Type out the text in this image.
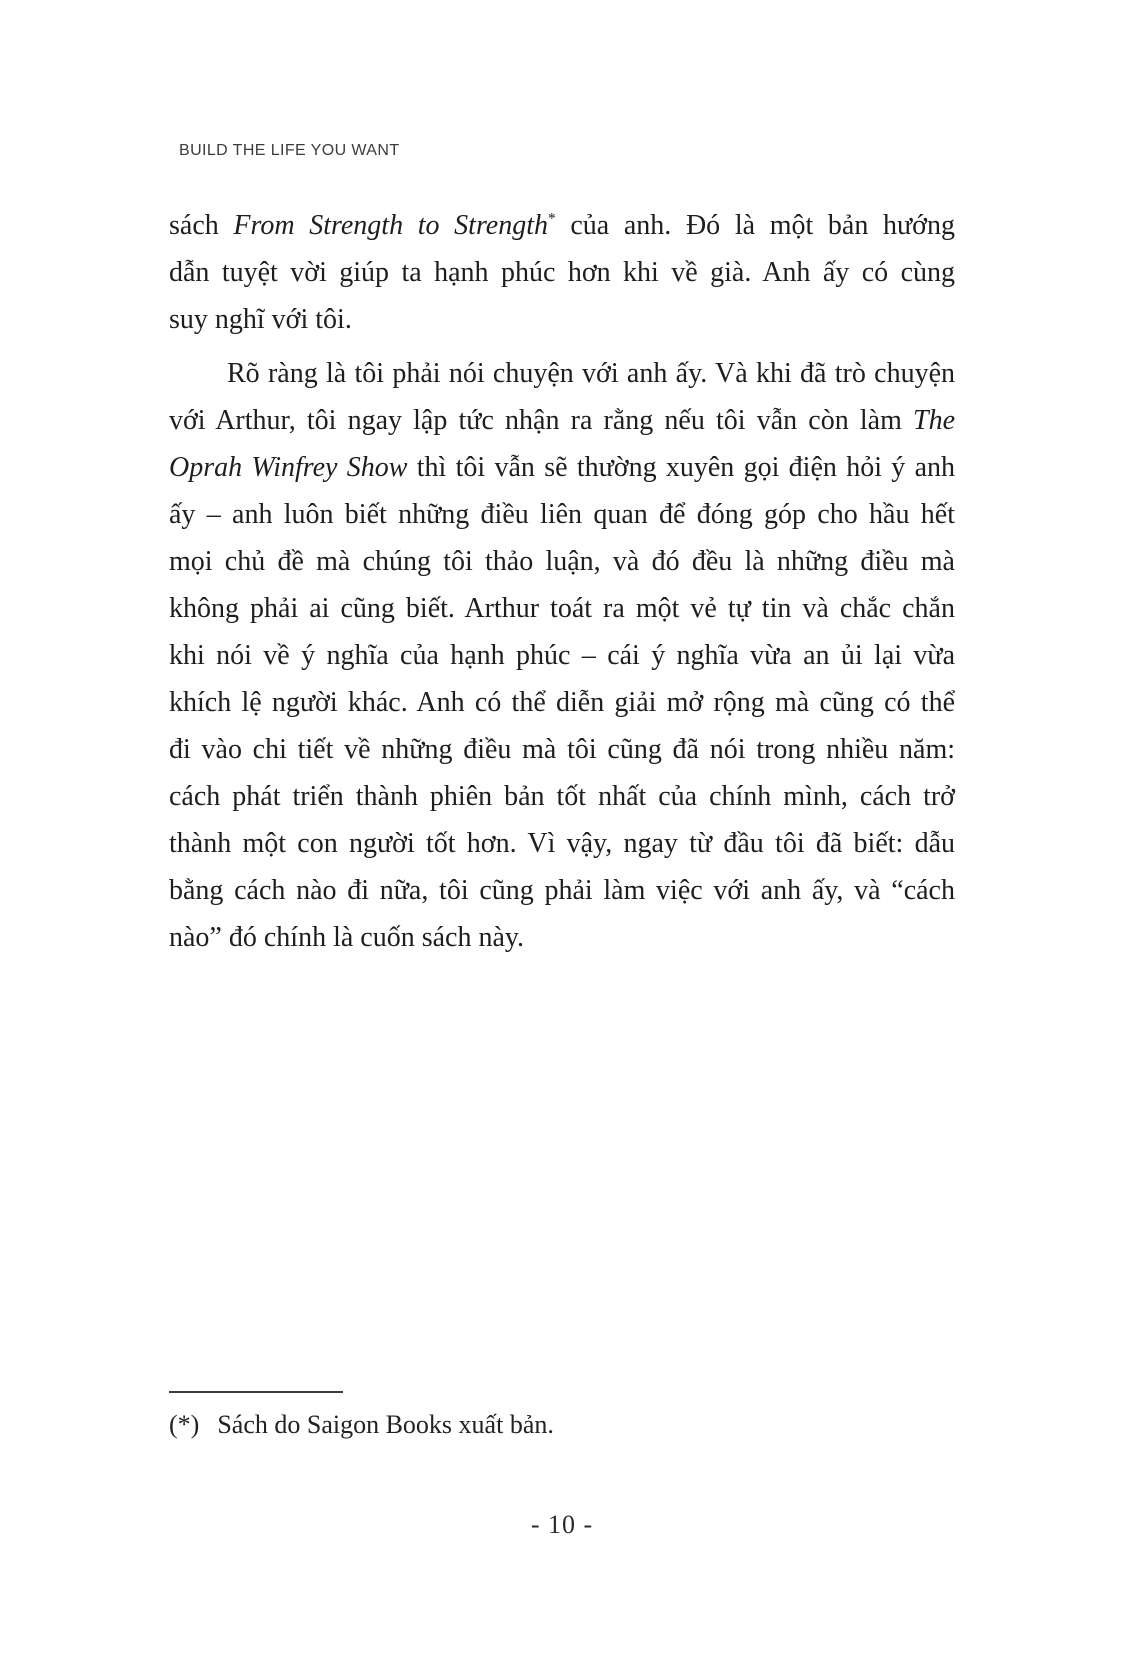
BUILD THE LIFE YOU WANT
sách From Strength to Strength* của anh. Đó là một bản hướng
dẫn tuyệt vời giúp ta hạnh phúc hơn khi về già. Anh ấy có cùng
suy nghĩ với tôi.
Rõ ràng là tôi phải nói chuyện với anh ấy. Và khi đã trò chuyện
với Arthur, tôi ngay lập tức nhận ra rằng nếu tôi vẫn còn làm The
Oprah Winfrey Show thì tôi vẫn sẽ thường xuyên gọi điện hỏi ý anh
ấy – anh luôn biết những điều liên quan để đóng góp cho hầu hết
mọi chủ đề mà chúng tôi thảo luận, và đó đều là những điều mà
không phải ai cũng biết. Arthur toát ra một vẻ tự tin và chắc chắn
khi nói về ý nghĩa của hạnh phúc – cái ý nghĩa vừa an ủi lại vừa
khích lệ người khác. Anh có thể diễn giải mở rộng mà cũng có thể
đi vào chi tiết về những điều mà tôi cũng đã nói trong nhiều năm:
cách phát triển thành phiên bản tốt nhất của chính mình, cách trở
thành một con người tốt hơn. Vì vậy, ngay từ đầu tôi đã biết: dẫu
bằng cách nào đi nữa, tôi cũng phải làm việc với anh ấy, và “cách
nào” đó chính là cuốn sách này.
(*) Sách do Saigon Books xuất bản.
- 10 -
